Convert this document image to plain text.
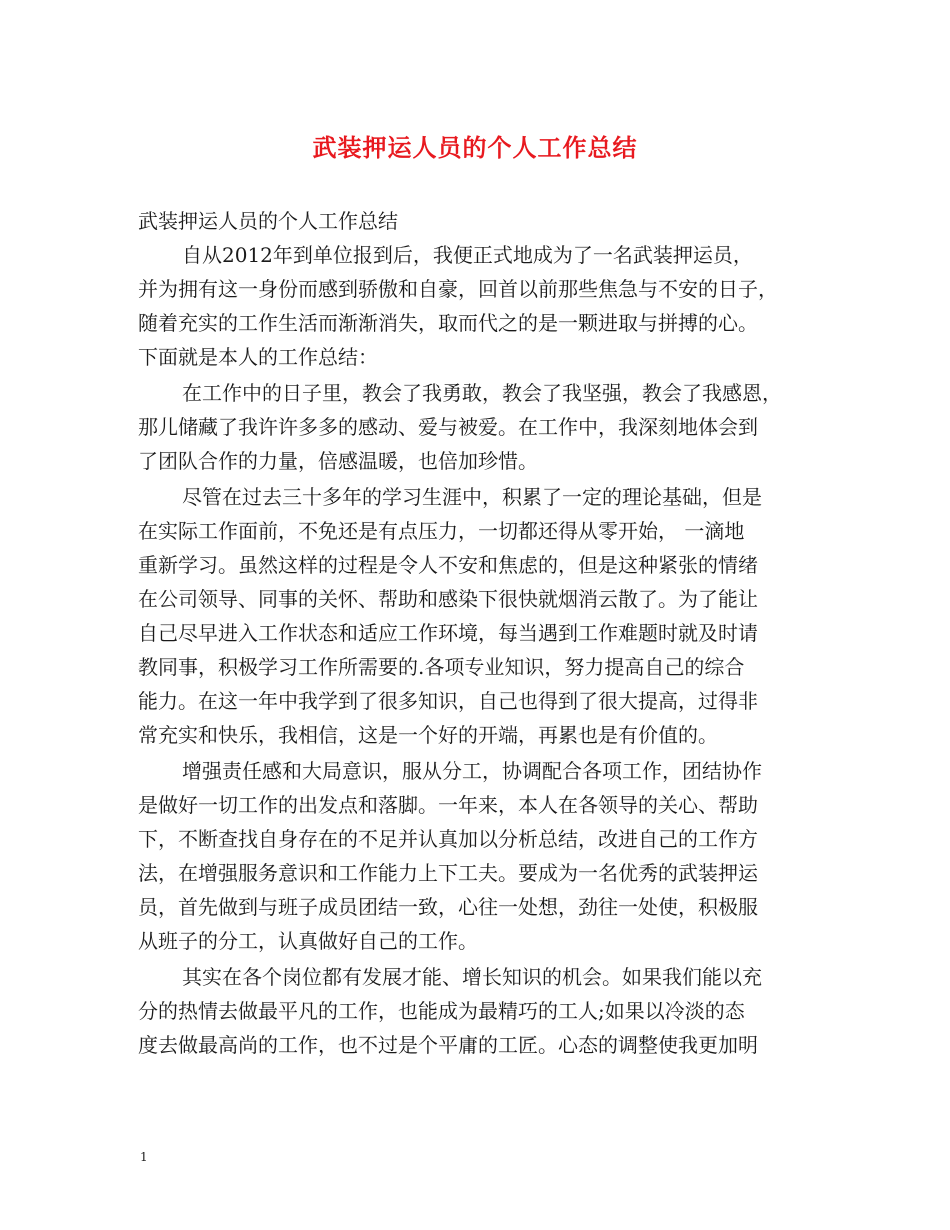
武装押运人员的个人工作总结

武装押运人员的个人工作总结

自从2012年到单位报到后，我便正式地成为了一名武装押运员，
并为拥有这一身份而感到骄傲和自豪，回首以前那些焦急与不安的日子，
随着充实的工作生活而渐渐消失，取而代之的是一颗进取与拼搏的心。
下面就是本人的工作总结：
在工作中的日子里，教会了我勇敢，教会了我坚强，教会了我感恩，
那儿储藏了我许许多多的感动、爱与被爱。在工作中，我深刻地体会到
了团队合作的力量，倍感温暖，也倍加珍惜。
尽管在过去三十多年的学习生涯中，积累了一定的理论基础，但是
在实际工作面前，不免还是有点压力，一切都还得从零开始， 一滴地
重新学习。虽然这样的过程是令人不安和焦虑的，但是这种紧张的情绪
在公司领导、同事的关怀、帮助和感染下很快就烟消云散了。为了能让
自己尽早进入工作状态和适应工作环境，每当遇到工作难题时就及时请
教同事，积极学习工作所需要的.各项专业知识，努力提高自己的综合
能力。在这一年中我学到了很多知识，自己也得到了很大提高，过得非
常充实和快乐，我相信，这是一个好的开端，再累也是有价值的。
增强责任感和大局意识，服从分工，协调配合各项工作，团结协作
是做好一切工作的出发点和落脚。一年来，本人在各领导的关心、帮助
下，不断查找自身存在的不足并认真加以分析总结，改进自己的工作方
法，在增强服务意识和工作能力上下工夫。要成为一名优秀的武装押运
员，首先做到与班子成员团结一致，心往一处想，劲往一处使，积极服
从班子的分工，认真做好自己的工作。
其实在各个岗位都有发展才能、增长知识的机会。如果我们能以充
分的热情去做最平凡的工作，也能成为最精巧的工人;如果以冷淡的态
度去做最高尚的工作，也不过是个平庸的工匠。心态的调整使我更加明
1
